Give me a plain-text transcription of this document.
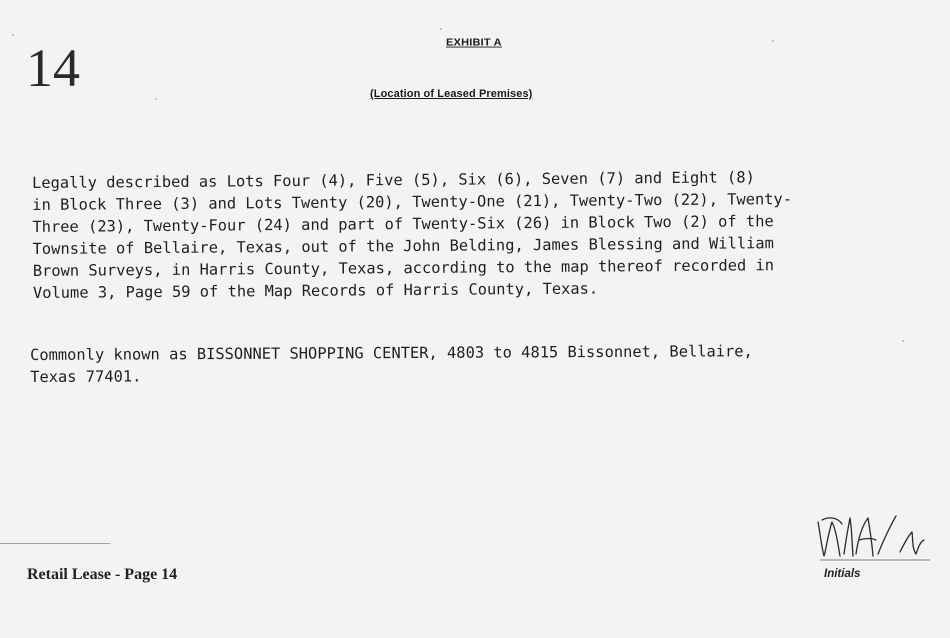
14	EXHIBIT A
(Location of Leased Premises)

Legally described as Lots Four (4), Five (5), Six (6), Seven (7) and Eight (8)
in Block Three (3) and Lots Twenty (20), Twenty-One (21), Twenty-Two (22), Twenty-
Three (23), Twenty-Four (24) and part of Twenty-Six (26) in Block Two (2) of the
Townsite of Bellaire, Texas, out of the John Belding, James Blessing and William
Brown Surveys, in Harris County, Texas, according to the map thereof recorded in
Volume 3, Page 59 of the Map Records of Harris County, Texas.

Commonly known as BISSONNET SHOPPING CENTER, 4803 to 4815 Bissonnet, Bellaire,
Texas 77401.

Retail Lease - Page 14	Initials
